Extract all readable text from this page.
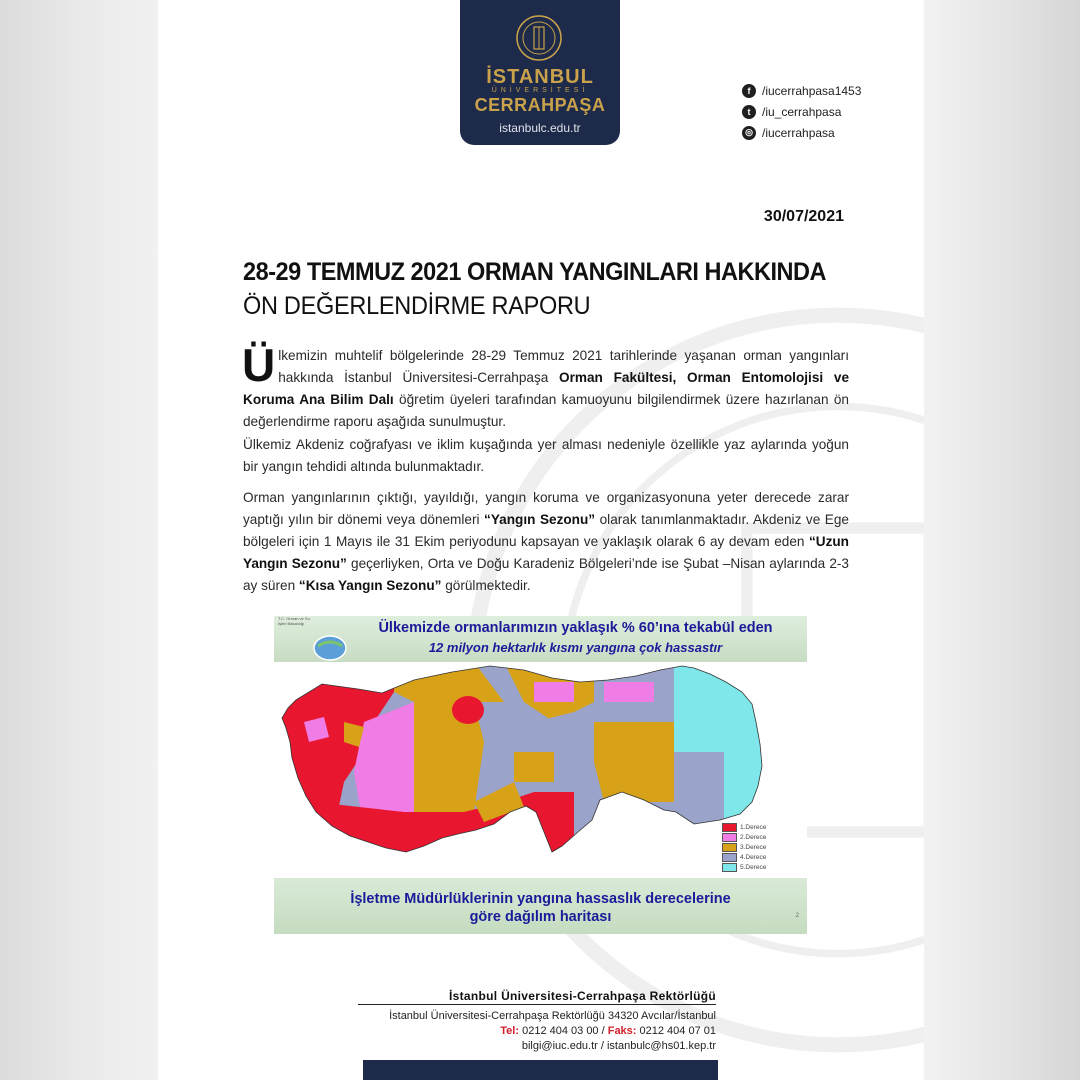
İSTANBUL
ÜNİVERSİTESİ
CERRAHPAŞA
istanbulc.edu.tr
f /iucerrahpasa1453
t /iu_cerrahpasa
◎ /iucerrahpasa
30/07/2021
28-29 TEMMUZ 2021 ORMAN YANGINLARI HAKKINDA
ÖN DEĞERLENDİRME RAPORU
Ülkemizin muhtelif bölgelerinde 28-29 Temmuz 2021 tarihlerinde yaşanan orman yangınları hakkında İstanbul Üniversitesi-Cerrahpaşa Orman Fakültesi, Orman Entomolojisi ve Koruma Ana Bilim Dalı öğretim üyeleri tarafından kamuoyunu bilgilendirmek üzere hazırlanan ön değerlendirme raporu aşağıda sunulmuştur.
Ülkemiz Akdeniz coğrafyası ve iklim kuşağında yer alması nedeniyle özellikle yaz aylarında yoğun bir yangın tehdidi altında bulunmaktadır.
Orman yangınlarının çıktığı, yayıldığı, yangın koruma ve organizasyonuna yeter derecede zarar yaptığı yılın bir dönemi veya dönemleri “Yangın Sezonu” olarak tanımlanmaktadır. Akdeniz ve Ege bölgeleri için 1 Mayıs ile 31 Ekim periyodunu kapsayan ve yaklaşık olarak 6 ay devam eden “Uzun Yangın Sezonu” geçerliyken, Orta ve Doğu Karadeniz Bölgeleri’nde ise Şubat –Nisan aylarında 2-3 ay süren “Kısa Yangın Sezonu” görülmektedir.
T.C. Orman ve Su İşleri Bakanlığı	Ülkemizde ormanlarımızın yaklaşık % 60’ına tekabül eden
12 milyon hektarlık kısmı yangına çok hassastır
1.Derece
2.Derece
3.Derece
4.Derece
5.Derece
İşletme Müdürlüklerinin yangına hassaslık derecelerine
göre dağılım haritası	2
İstanbul Üniversitesi-Cerrahpaşa Rektörlüğü
İstanbul Üniversitesi-Cerrahpaşa Rektörlüğü 34320 Avcılar/İstanbul
Tel: 0212 404 03 00 / Faks: 0212 404 07 01
bilgi@iuc.edu.tr / istanbulc@hs01.kep.tr
